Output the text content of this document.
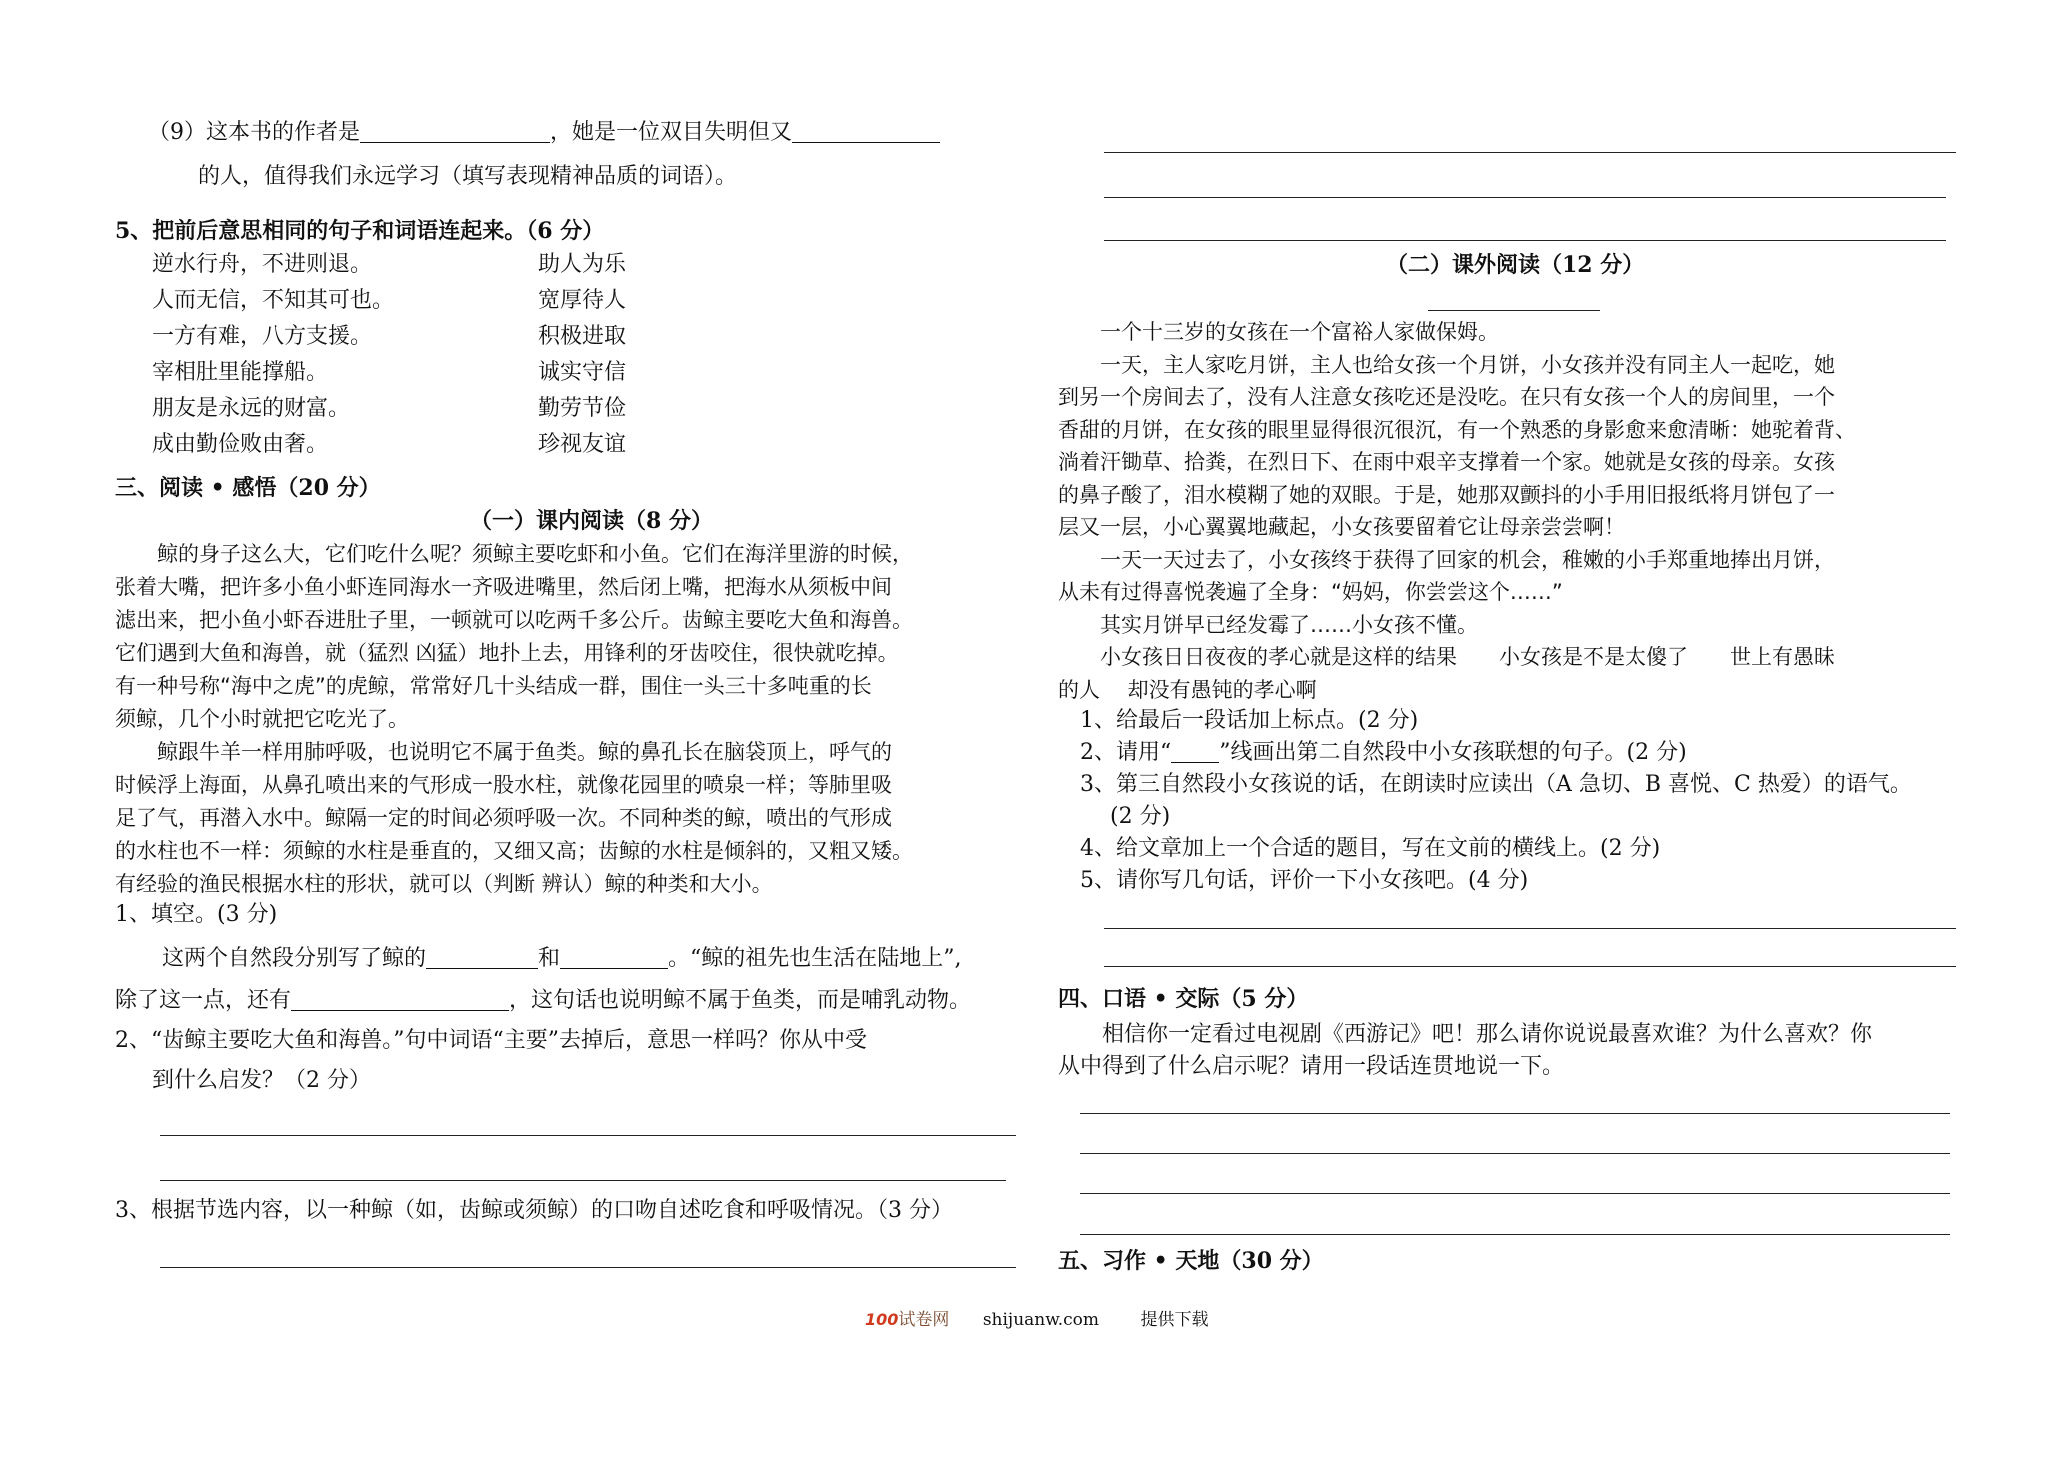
（9）这本书的作者是	，她是一位双目失明但又
的人，值得我们永远学习（填写表现精神品质的词语）。
5、把前后意思相同的句子和词语连起来。（6 分）
逆水行舟，不进则退。	助人为乐
人而无信，不知其可也。	宽厚待人
一方有难，八方支援。	积极进取
宰相肚里能撑船。	诚实守信
朋友是永远的财富。	勤劳节俭
成由勤俭败由奢。	珍视友谊
三、阅读 • 感悟（20 分）
（一）课内阅读（8 分）
　　鲸的身子这么大，它们吃什么呢？须鲸主要吃虾和小鱼。它们在海洋里游的时候，
张着大嘴，把许多小鱼小虾连同海水一齐吸进嘴里，然后闭上嘴，把海水从须板中间
滤出来，把小鱼小虾吞进肚子里，一顿就可以吃两千多公斤。齿鲸主要吃大鱼和海兽。
它们遇到大鱼和海兽，就（猛烈 凶猛）地扑上去，用锋利的牙齿咬住，很快就吃掉。
有一种号称“海中之虎”的虎鲸，常常好几十头结成一群，围住一头三十多吨重的长
须鲸，几个小时就把它吃光了。
　　鲸跟牛羊一样用肺呼吸，也说明它不属于鱼类。鲸的鼻孔长在脑袋顶上，呼气的
时候浮上海面，从鼻孔喷出来的气形成一股水柱，就像花园里的喷泉一样；等肺里吸
足了气，再潜入水中。鲸隔一定的时间必须呼吸一次。不同种类的鲸，喷出的气形成
的水柱也不一样：须鲸的水柱是垂直的，又细又高；齿鲸的水柱是倾斜的，又粗又矮。
有经验的渔民根据水柱的形状，就可以（判断 辨认）鲸的种类和大小。
1、填空。(3 分)
这两个自然段分别写了鲸的	和	。“鲸的祖先也生活在陆地上”,
除了这一点，还有	，这句话也说明鲸不属于鱼类，而是哺乳动物。
2、“齿鲸主要吃大鱼和海兽。”句中词语“主要”去掉后，意思一样吗？你从中受
到什么启发？（2 分）
3、根据节选内容，以一种鲸（如，齿鲸或须鲸）的口吻自述吃食和呼吸情况。（3 分）
（二）课外阅读（12 分）
　　一个十三岁的女孩在一个富裕人家做保姆。
　　一天，主人家吃月饼，主人也给女孩一个月饼，小女孩并没有同主人一起吃，她
到另一个房间去了，没有人注意女孩吃还是没吃。在只有女孩一个人的房间里，一个
香甜的月饼，在女孩的眼里显得很沉很沉，有一个熟悉的身影愈来愈清晰：她驼着背、
淌着汗锄草、拾粪，在烈日下、在雨中艰辛支撑着一个家。她就是女孩的母亲。女孩
的鼻子酸了，泪水模糊了她的双眼。于是，她那双颤抖的小手用旧报纸将月饼包了一
层又一层，小心翼翼地藏起，小女孩要留着它让母亲尝尝啊！
　　一天一天过去了，小女孩终于获得了回家的机会，稚嫩的小手郑重地捧出月饼，
从未有过得喜悦袭遍了全身：“妈妈，你尝尝这个……”
　　其实月饼早已经发霉了……小女孩不懂。
　　小女孩日日夜夜的孝心就是这样的结果　　小女孩是不是太傻了　　世上有愚昧
的人　 却没有愚钝的孝心啊
1、给最后一段话加上标点。(2 分)
2、请用“ ”线画出第二自然段中小女孩联想的句子。(2 分)
3、第三自然段小女孩说的话，在朗读时应读出（A 急切、B 喜悦、C 热爱）的语气。
(2 分)
4、给文章加上一个合适的题目，写在文前的横线上。(2 分)
5、请你写几句话，评价一下小女孩吧。(4 分)
四、口语 • 交际（5 分）
　　相信你一定看过电视剧《西游记》吧！那么请你说说最喜欢谁？为什么喜欢？你
从中得到了什么启示呢？请用一段话连贯地说一下。
五、习作 • 天地（30 分）
100试卷网 shijuanw.com 提供下载
